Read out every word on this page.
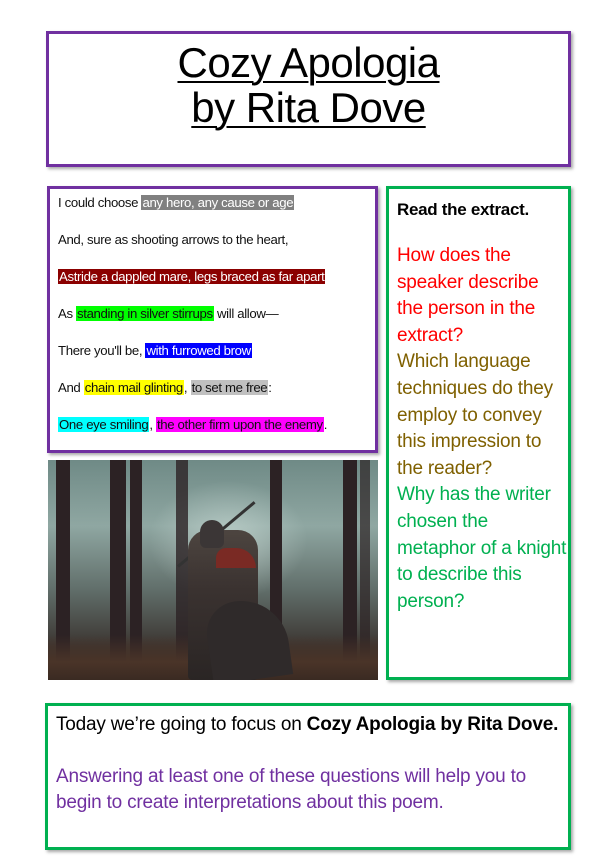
Cozy Apologia
by Rita Dove
I could choose any hero, any cause or age
And, sure as shooting arrows to the heart,
Astride a dappled mare, legs braced as far apart
As standing in silver stirrups will allow—
There you'll be, with furrowed brow
And chain mail glinting, to set me free:
One eye smiling, the other firm upon the enemy.
Read the extract.
How does the speaker describe the person in the extract?
Which language techniques do they employ to convey this impression to the reader?
Why has the writer chosen the metaphor of a knight to describe this person?
Today we’re going to focus on Cozy Apologia by Rita Dove.
Answering at least one of these questions will help you to begin to create interpretations about this poem.
